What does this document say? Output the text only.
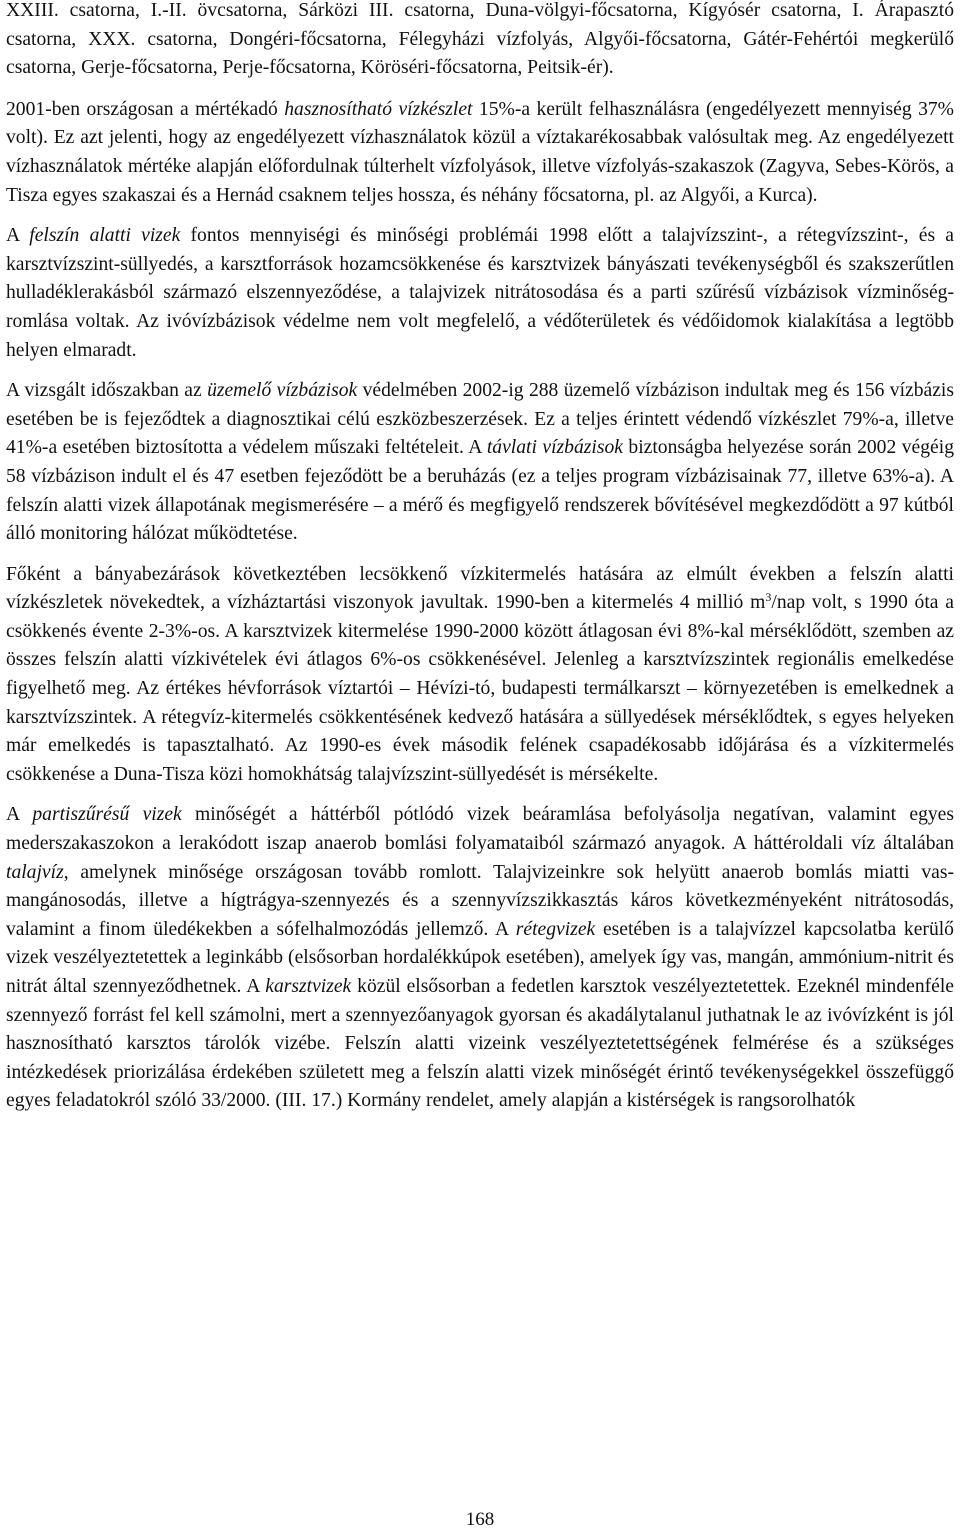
XXIII. csatorna, I.-II. övcsatorna, Sárközi III. csatorna, Duna-völgyi-főcsatorna, Kígyósér csatorna, I. Árapasztó csatorna, XXX. csatorna, Dongéri-főcsatorna, Félegyházi vízfolyás, Algyői-főcsatorna, Gátér-Fehértói megkerülő csatorna, Gerje-főcsatorna, Perje-főcsatorna, Köröséri-főcsatorna, Peitsik-ér).

2001-ben országosan a mértékadó hasznosítható vízkészlet 15%-a került felhasználásra (engedélyezett mennyiség 37% volt). Ez azt jelenti, hogy az engedélyezett vízhasználatok közül a víztakarékosabbak valósultak meg. Az engedélyezett vízhasználatok mértéke alapján előfordulnak túlterhelt vízfolyások, illetve vízfolyás-szakaszok (Zagyva, Sebes-Körös, a Tisza egyes szakaszai és a Hernád csaknem teljes hossza, és néhány főcsatorna, pl. az Algyői, a Kurca).

A felszín alatti vizek fontos mennyiségi és minőségi problémái 1998 előtt a talajvízszint-, a rétegvízszint-, és a karsztvízszint-süllyedés, a karsztforrások hozamcsökkenése és karsztvizek bányászati tevékenységből és szakszerűtlen hulladéklerakásból származó elszennyeződése, a talajvizek nitrátosodása és a parti szűrésű vízbázisok vízminőség-romlása voltak. Az ivóvízbázisok védelme nem volt megfelelő, a védőterületek és védőidomok kialakítása a legtöbb helyen elmaradt.

A vizsgált időszakban az üzemelő vízbázisok védelmében 2002-ig 288 üzemelő vízbázison indultak meg és 156 vízbázis esetében be is fejeződtek a diagnosztikai célú eszközbeszerzések. Ez a teljes érintett védendő vízkészlet 79%-a, illetve 41%-a esetében biztosította a védelem műszaki feltételeit. A távlati vízbázisok biztonságba helyezése során 2002 végéig 58 vízbázison indult el és 47 esetben fejeződött be a beruházás (ez a teljes program vízbázisainak 77, illetve 63%-a). A felszín alatti vizek állapotának megismerésére – a mérő és megfigyelő rendszerek bővítésével megkezdődött a 97 kútból álló monitoring hálózat működtetése.

Főként a bányabezárások következtében lecsökkenő vízkitermelés hatására az elmúlt években a felszín alatti vízkészletek növekedtek, a vízháztartási viszonyok javultak. 1990-ben a kitermelés 4 millió $m^3$/nap volt, s 1990 óta a csökkenés évente 2-3%-os. A karsztvizek kitermelése 1990-2000 között átlagosan évi 8%-kal mérséklődött, szemben az összes felszín alatti vízkivételek évi átlagos 6%-os csökkenésével. Jelenleg a karsztvízszintek regionális emelkedése figyelhető meg. Az értékes hévforrások víztartói – Hévízi-tó, budapesti termálkarszt – környezetében is emelkednek a karsztvízszintek. A rétegvíz-kitermelés csökkentésének kedvező hatására a süllyedések mérséklődtek, s egyes helyeken már emelkedés is tapasztalható. Az 1990-es évek második felének csapadékosabb időjárása és a vízkitermelés csökkenése a Duna-Tisza közi homokhátság talajvízszint-süllyedését is mérsékelte.

A partiszűrésű vizek minőségét a háttérből pótlódó vizek beáramlása befolyásolja negatívan, valamint egyes mederszakaszokon a lerakódott iszap anaerob bomlási folyamataiból származó anyagok. A háttéroldali víz általában talajvíz, amelynek minősége országosan tovább romlott. Talajvizeinkre sok helyütt anaerob bomlás miatti vas-mangánosodás, illetve a hígtrágya-szennyezés és a szennyvízszikkasztás káros következményeként nitrátosodás, valamint a finom üledékekben a sófelhalmozódás jellemző. A rétegvizek esetében is a talajvízzel kapcsolatba kerülő vizek veszélyeztetettek a leginkább (elsősorban hordalékkúpok esetében), amelyek így vas, mangán, ammónium-nitrit és nitrát által szennyeződhetnek. A karsztvizek közül elsősorban a fedetlen karsztok veszélyeztetettek. Ezeknél mindenféle szennyező forrást fel kell számolni, mert a szennyezőanyagok gyorsan és akadálytalanul juthatnak le az ivóvízként is jól hasznosítható karsztos tárolók vizébe. Felszín alatti vizeink veszélyeztetettségének felmérése és a szükséges intézkedések priorizálása érdekében született meg a felszín alatti vizek minőségét érintő tevékenységekkel összefüggő egyes feladatokról szóló 33/2000. (III. 17.) Kormány rendelet, amely alapján a kistérségek is rangsorolhatók

168
